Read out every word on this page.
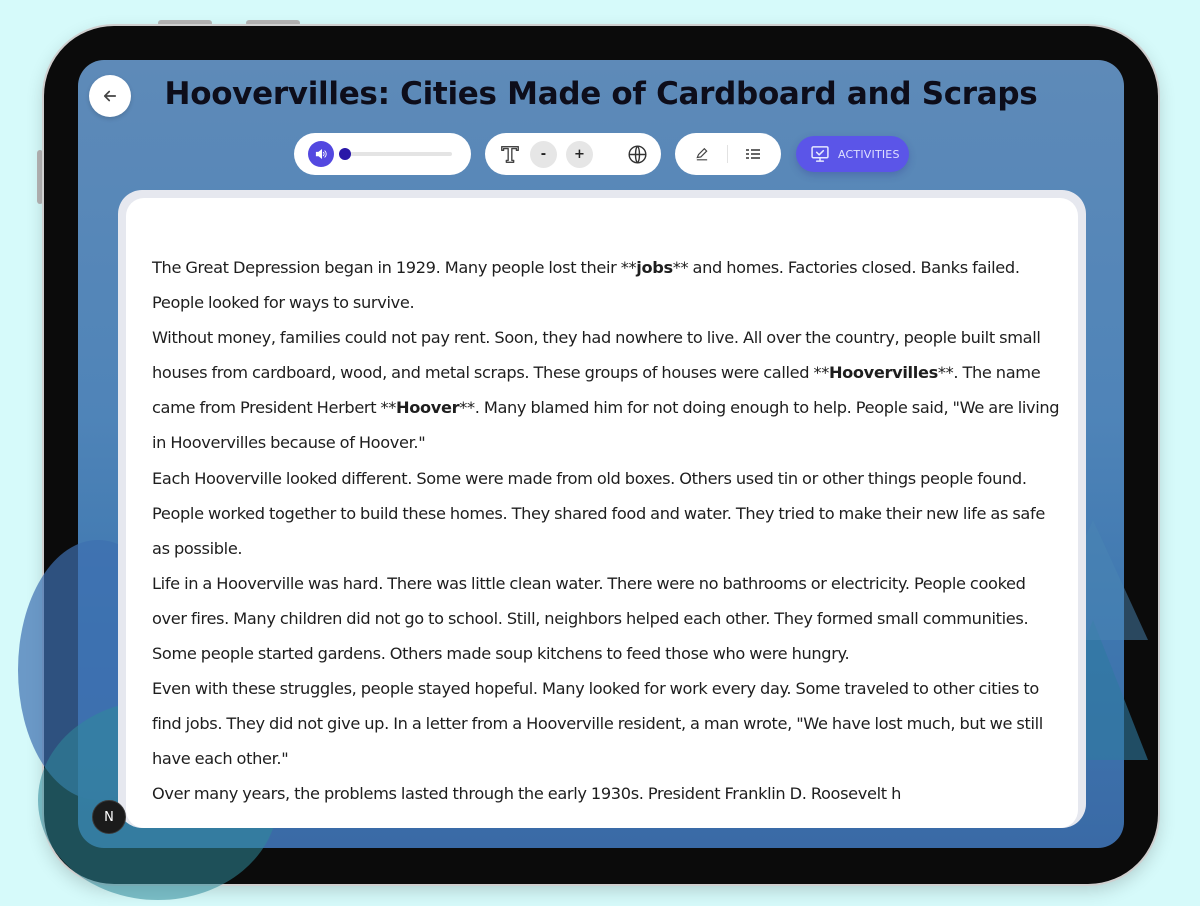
Hoovervilles: Cities Made of Cardboard and Scraps
-	+	ACTIVITIES

The Great Depression began in 1929. Many people lost their **jobs** and homes. Factories closed. Banks failed. People looked for ways to survive.

Without money, families could not pay rent. Soon, they had nowhere to live. All over the country, people built small houses from cardboard, wood, and metal scraps. These groups of houses were called **Hoovervilles**. The name came from President Herbert **Hoover**. Many blamed him for not doing enough to help. People said, "We are living in Hoovervilles because of Hoover."

Each Hooverville looked different. Some were made from old boxes. Others used tin or other things people found. People worked together to build these homes. They shared food and water. They tried to make their new life as safe as possible.

Life in a Hooverville was hard. There was little clean water. There were no bathrooms or electricity. People cooked over fires. Many children did not go to school. Still, neighbors helped each other. They formed small communities. Some people started gardens. Others made soup kitchens to feed those who were hungry.

Even with these struggles, people stayed hopeful. Many looked for work every day. Some traveled to other cities to find jobs. They did not give up. In a letter from a Hooverville resident, a man wrote, "We have lost much, but we still have each other."

Over many years, the problems lasted through the early 1930s. President Franklin D. Roosevelt h

N
